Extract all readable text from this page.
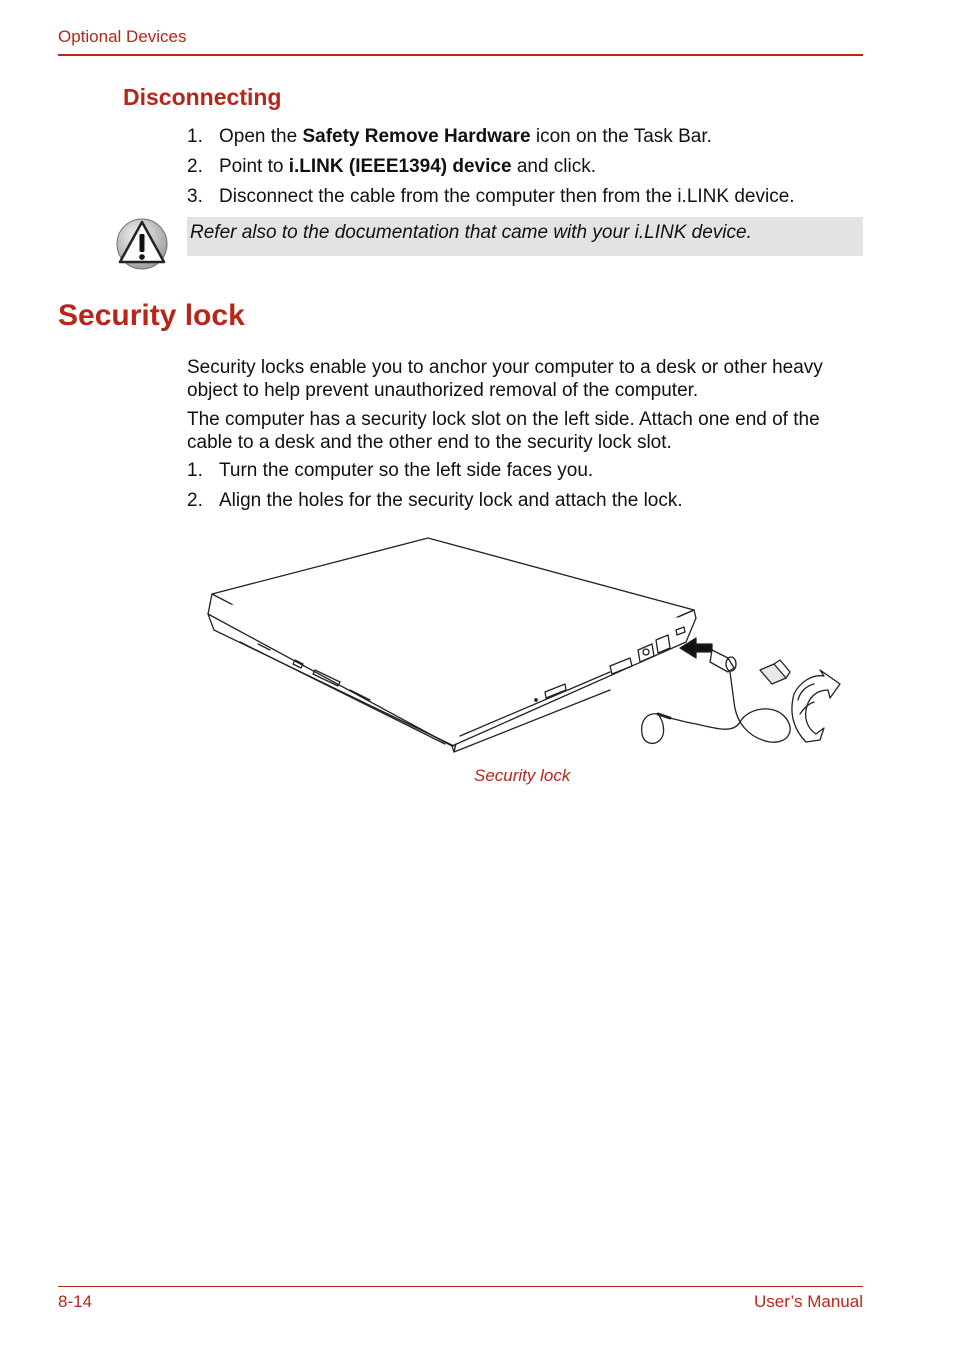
Optional Devices
Disconnecting
1. Open the Safety Remove Hardware icon on the Task Bar.
2. Point to i.LINK (IEEE1394) device and click.
3. Disconnect the cable from the computer then from the i.LINK device.
Refer also to the documentation that came with your i.LINK device.
Security lock

Security locks enable you to anchor your computer to a desk or other heavy object to help prevent unauthorized removal of the computer.

The computer has a security lock slot on the left side. Attach one end of the cable to a desk and the other end to the security lock slot.

1. Turn the computer so the left side faces you.
2. Align the holes for the security lock and attach the lock.
Security lock
8-14	User’s Manual
